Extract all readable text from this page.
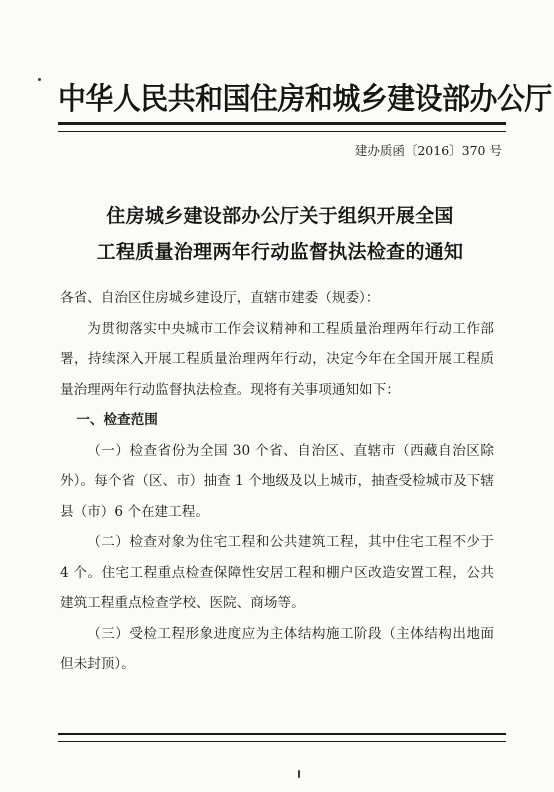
中华人民共和国住房和城乡建设部办公厅
建办质函〔2016〕370 号
住房城乡建设部办公厅关于组织开展全国
工程质量治理两年行动监督执法检查的通知

各省、自治区住房城乡建设厅，直辖市建委（规委）：

为贯彻落实中央城市工作会议精神和工程质量治理两年行动工作部署，持续深入开展工程质量治理两年行动，决定今年在全国开展工程质量治理两年行动监督执法检查。现将有关事项通知如下：

一、检查范围

（一）检查省份为全国 30 个省、自治区、直辖市（西藏自治区除外）。每个省（区、市）抽查 1 个地级及以上城市，抽查受检城市及下辖县（市）6 个在建工程。

（二）检查对象为住宅工程和公共建筑工程，其中住宅工程不少于 4 个。住宅工程重点检查保障性安居工程和棚户区改造安置工程，公共建筑工程重点检查学校、医院、商场等。

（三）受检工程形象进度应为主体结构施工阶段（主体结构出地面但未封顶）。
